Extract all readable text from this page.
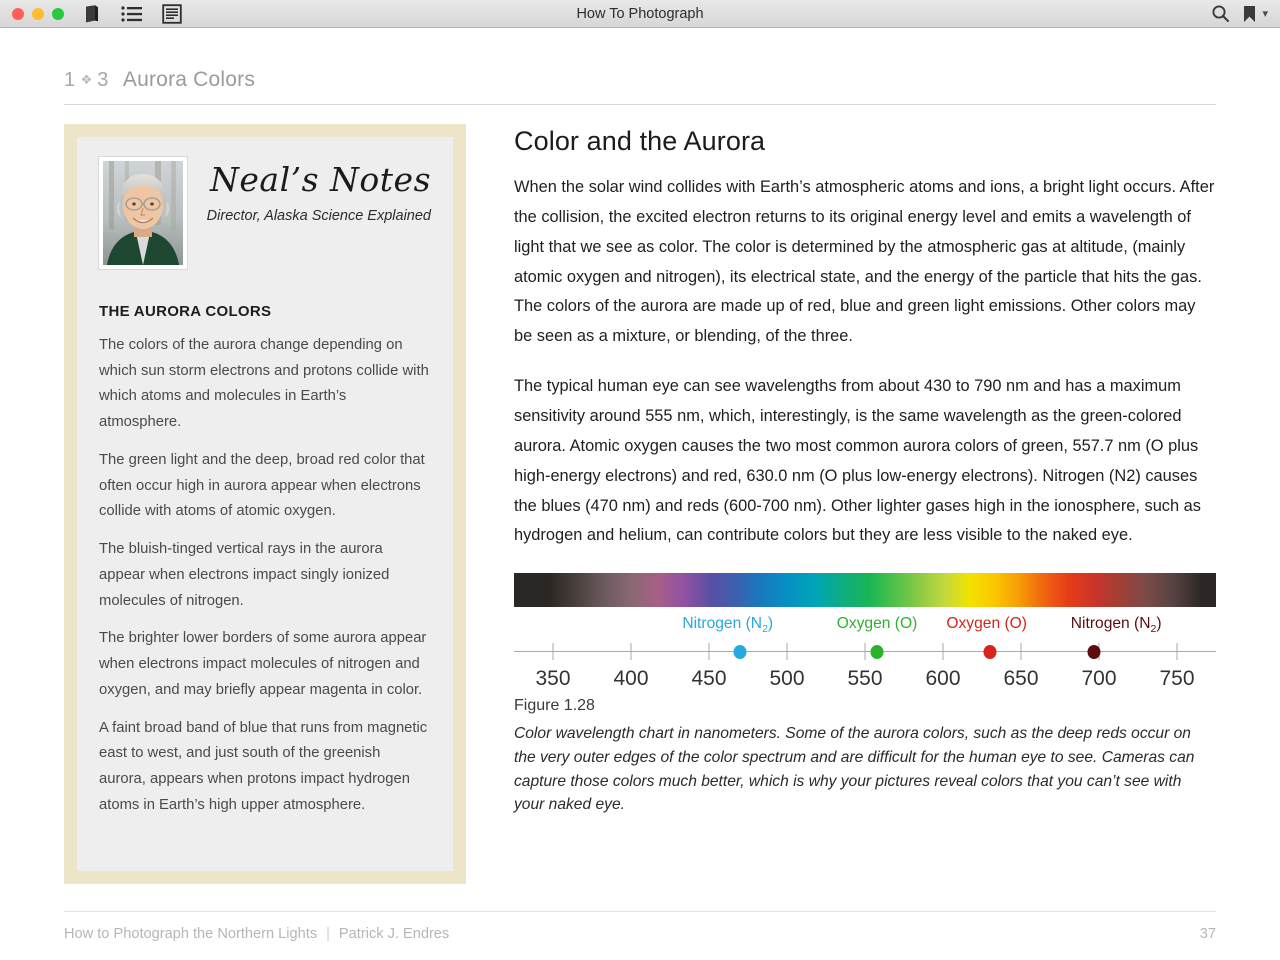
How To Photograph	▾
1 ❖ 3 Aurora Colors
Neal’s Notes
Director, Alaska Science Explained
THE AURORA COLORS

The colors of the aurora change depending on which sun storm electrons and protons collide with which atoms and molecules in Earth’s atmosphere.

The green light and the deep, broad red color that often occur high in aurora appear when electrons collide with atoms of atomic oxygen.

The bluish-tinged vertical rays in the aurora appear when electrons impact singly ionized molecules of nitrogen.

The brighter lower borders of some aurora appear when electrons impact molecules of nitrogen and oxygen, and may briefly appear magenta in color.

A faint broad band of blue that runs from magnetic east to west, and just south of the greenish aurora, appears when protons impact hydrogen atoms in Earth’s high upper atmosphere.

Color and the Aurora

When the solar wind collides with Earth’s atmospheric atoms and ions, a bright light occurs. After the collision, the excited electron returns to its original energy level and emits a wavelength of light that we see as color. The color is determined by the atmospheric gas at altitude, (mainly atomic oxygen and nitrogen), its electrical state, and the energy of the particle that hits the gas. The colors of the aurora are made up of red, blue and green light emissions. Other colors may be seen as a mixture, or blending, of the three.

The typical human eye can see wavelengths from about 430 to 790 nm and has a maximum sensitivity around 555 nm, which, interestingly, is the same wavelength as the green-colored aurora. Atomic oxygen causes the two most common aurora colors of green, 557.7 nm (O plus high-energy electrons) and red, 630.0 nm (O plus low-energy electrons). Nitrogen (N2) causes the blues (470 nm) and reds (600-700 nm). Other lighter gases high in the ionosphere, such as hydrogen and helium, can contribute colors but they are less visible to the naked eye.

350 400 450 500 550 600 650 700 750
Nitrogen $(N_2)$	Oxygen (O) Oxygen (O)	Nitrogen $(N_2)$
Figure 1.28
Color wavelength chart in nanometers. Some of the aurora colors, such as the deep reds occur on the very outer edges of the color spectrum and are difficult for the human eye to see. Cameras can capture those colors much better, which is why your pictures reveal colors that you can’t see with your naked eye.
How to Photograph the Northern Lights | Patrick J. Endres	37
